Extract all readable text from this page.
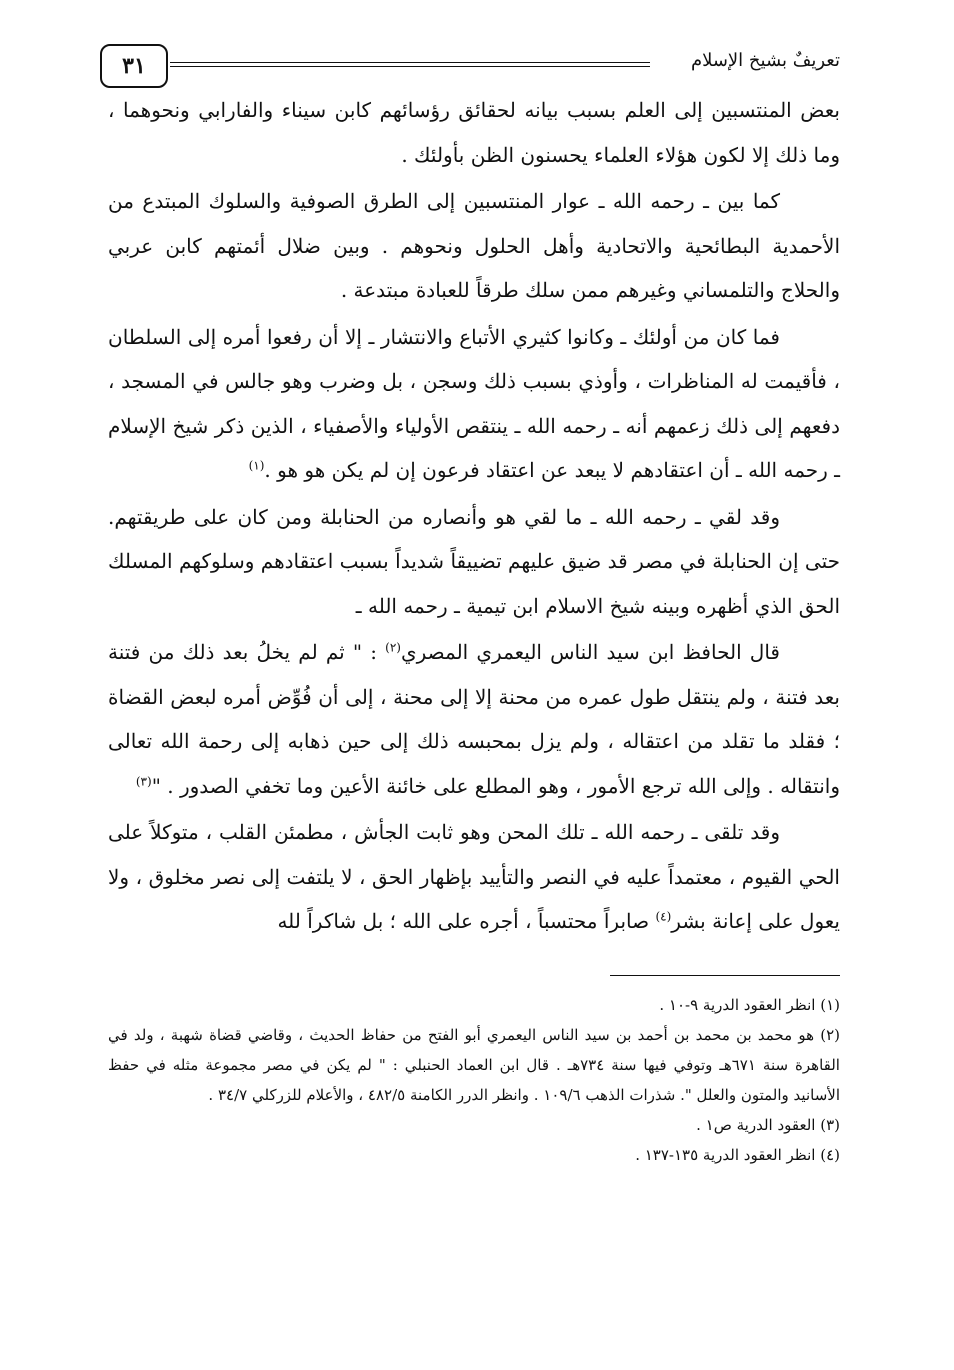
تعريفٌ بشيخ الإسلام
٣١

بعض المنتسبين إلى العلم بسبب بيانه لحقائق رؤسائهم كابن سيناء والفارابي ونحوهما ، وما ذلك إلا لكون هؤلاء العلماء يحسنون الظن بأولئك .

كما بين ـ رحمه الله ـ عوار المنتسبين إلى الطرق الصوفية والسلوك المبتدع من الأحمدية البطائحية والاتحادية وأهل الحلول ونحوهم . وبين ضلال أئمتهم كابن عربي والحلاج والتلمساني وغيرهم ممن سلك طرقاً للعبادة مبتدعة .

فما كان من أولئك ـ وكانوا كثيري الأتباع والانتشار ـ إلا أن رفعوا أمره إلى السلطان ، فأقيمت له المناظرات ، وأوذي بسبب ذلك وسجن ، بل وضرب وهو جالس في المسجد ، دفعهم إلى ذلك زعمهم أنه ـ رحمه الله ـ ينتقص الأولياء والأصفياء ، الذين ذكر شيخ الإسلام ـ رحمه الله ـ أن اعتقادهم لا يبعد عن اعتقاد فرعون إن لم يكن هو هو .$^{(١)}$

وقد لقي ـ رحمه الله ـ ما لقي هو وأنصاره من الحنابلة ومن كان على طريقتهم. حتى إن الحنابلة في مصر قد ضيق عليهم تضييقاً شديداً بسبب اعتقادهم وسلوكهم المسلك الحق الذي أظهره وبينه شيخ الاسلام ابن تيمية ـ رحمه الله ـ

قال الحافظ ابن سيد الناس اليعمري المصري$^{(٢)}$ : " ثم لم يخلُ بعد ذلك من فتنة بعد فتنة ، ولم ينتقل طول عمره من محنة إلا إلى محنة ، إلى أن فُوِّض أمره لبعض القضاة ؛ فقلد ما تقلد من اعتقاله ، ولم يزل بمحبسه ذلك إلى حين ذهابه إلى رحمة الله تعالى وانتقاله . وإلى الله ترجع الأمور ، وهو المطلع على خائنة الأعين وما تخفي الصدور . "$^{(٣)}$

وقد تلقى ـ رحمه الله ـ تلك المحن وهو ثابت الجأش ، مطمئن القلب ، متوكلاً على الحي القيوم ، معتمداً عليه في النصر والتأييد بإظهار الحق ، لا يلتفت إلى نصر مخلوق ، ولا يعول على إعانة بشر$^{(٤)}$ صابراً محتسباً ، أجره على الله ؛ بل شاكراً لله

(١) انظر العقود الدرية ٩-١٠ .

(٢) هو محمد بن محمد بن أحمد بن سيد الناس اليعمري أبو الفتح من حفاظ الحديث ، وقاضي قضاة شهبة ، ولد في القاهرة سنة ٦٧١هـ وتوفي فيها سنة ٧٣٤هـ . قال ابن العماد الحنبلي : " لم يكن في مصر مجموعة مثله في حفظ الأسانيد والمتون والعلل ". شذرات الذهب ١٠٩/٦ . وانظر الدرر الكامنة ٤٨٢/٥ ، والأعلام للزركلي ٣٤/٧ .

(٣) العقود الدرية ص١ .

(٤) انظر العقود الدرية ١٣٥-١٣٧ .
